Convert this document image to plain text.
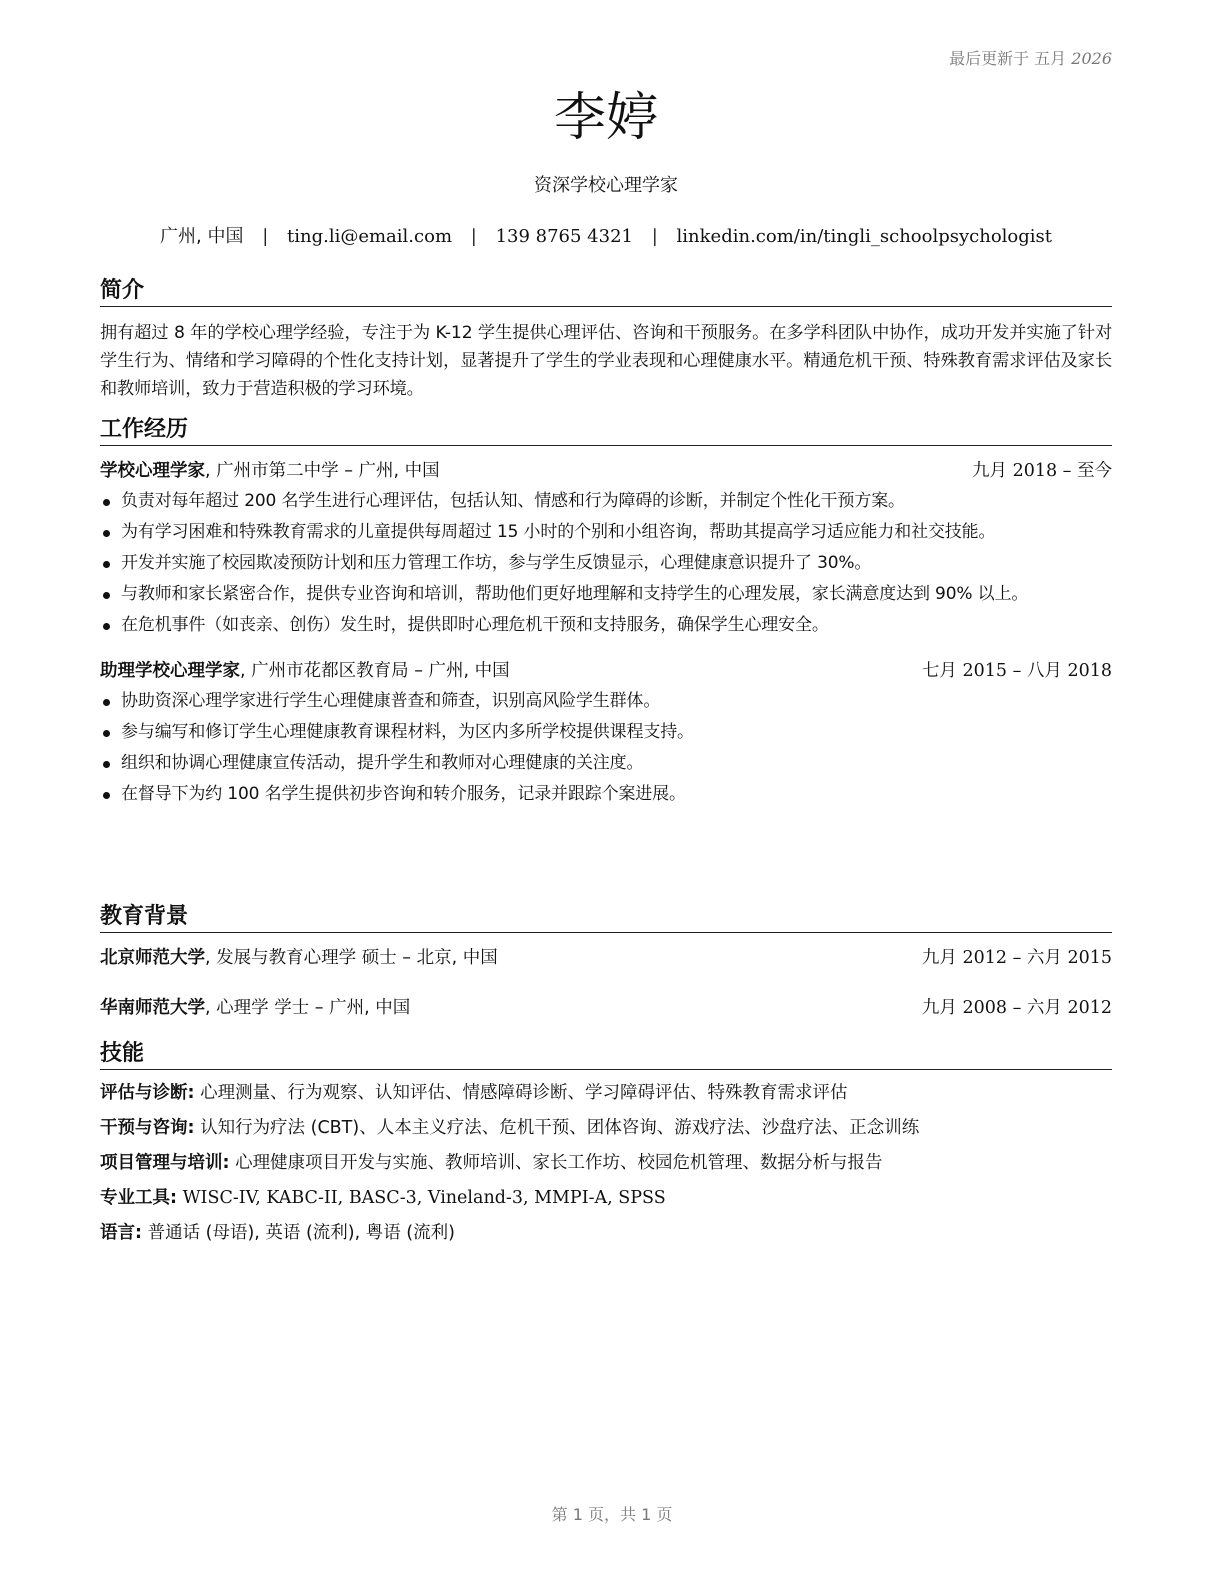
最后更新于 五月 2026
李婷
资深学校心理学家
广州, 中国 | ting.li@email.com | 139 8765 4321 | linkedin.com/in/tingli_schoolpsychologist
简介

拥有超过 8 年的学校心理学经验，专注于为 K-12 学生提供心理评估、咨询和干预服务。在多学科团队中协作，成功开发并实施了针对学生行为、情绪和学习障碍的个性化支持计划，显著提升了学生的学业表现和心理健康水平。精通危机干预、特殊教育需求评估及家长和教师培训，致力于营造积极的学习环境。

工作经历
学校心理学家, 广州市第二中学 – 广州, 中国	九月 2018 – 至今
负责对每年超过 200 名学生进行心理评估，包括认知、情感和行为障碍的诊断，并制定个性化干预方案。
为有学习困难和特殊教育需求的儿童提供每周超过 15 小时的个别和小组咨询，帮助其提高学习适应能力和社交技能。
开发并实施了校园欺凌预防计划和压力管理工作坊，参与学生反馈显示，心理健康意识提升了 30%。
与教师和家长紧密合作，提供专业咨询和培训，帮助他们更好地理解和支持学生的心理发展，家长满意度达到 90% 以上。
在危机事件（如丧亲、创伤）发生时，提供即时心理危机干预和支持服务，确保学生心理安全。
助理学校心理学家, 广州市花都区教育局 – 广州, 中国	七月 2015 – 八月 2018
协助资深心理学家进行学生心理健康普查和筛查，识别高风险学生群体。
参与编写和修订学生心理健康教育课程材料，为区内多所学校提供课程支持。
组织和协调心理健康宣传活动，提升学生和教师对心理健康的关注度。
在督导下为约 100 名学生提供初步咨询和转介服务，记录并跟踪个案进展。
教育背景
北京师范大学, 发展与教育心理学 硕士 – 北京, 中国	九月 2012 – 六月 2015
华南师范大学, 心理学 学士 – 广州, 中国	九月 2008 – 六月 2012
技能
评估与诊断: 心理测量、行为观察、认知评估、情感障碍诊断、学习障碍评估、特殊教育需求评估
干预与咨询: 认知行为疗法 (CBT)、人本主义疗法、危机干预、团体咨询、游戏疗法、沙盘疗法、正念训练
项目管理与培训: 心理健康项目开发与实施、教师培训、家长工作坊、校园危机管理、数据分析与报告
专业工具: WISC-IV, KABC-II, BASC-3, Vineland-3, MMPI-A, SPSS
语言: 普通话 (母语), 英语 (流利), 粤语 (流利)
第 1 页，共 1 页
